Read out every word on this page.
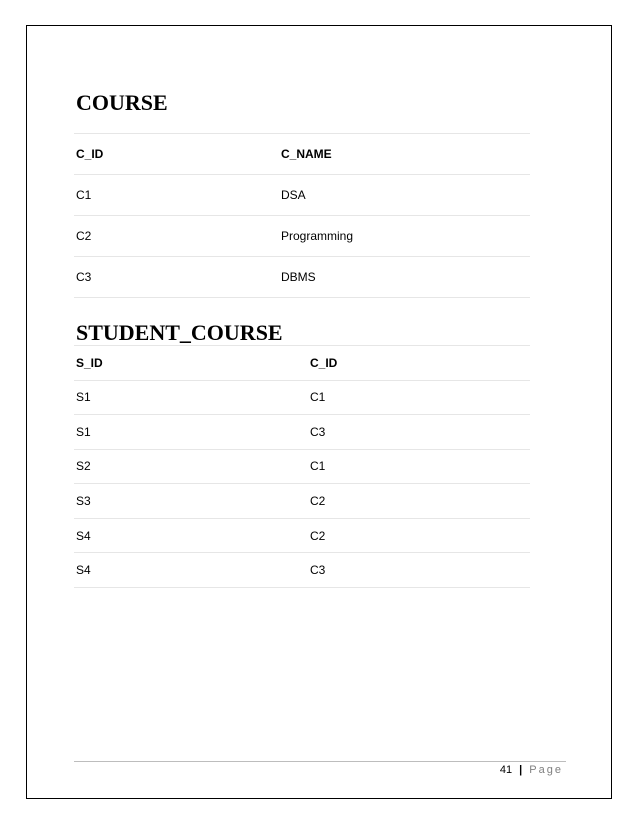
COURSE
C_ID	C_NAME
C1	DSA
C2	Programming
C3	DBMS
STUDENT_COURSE
S_ID	C_ID
S1	C1
S1	C3
S2	C1
S3	C2
S4	C2
S4	C3
41 | Page
